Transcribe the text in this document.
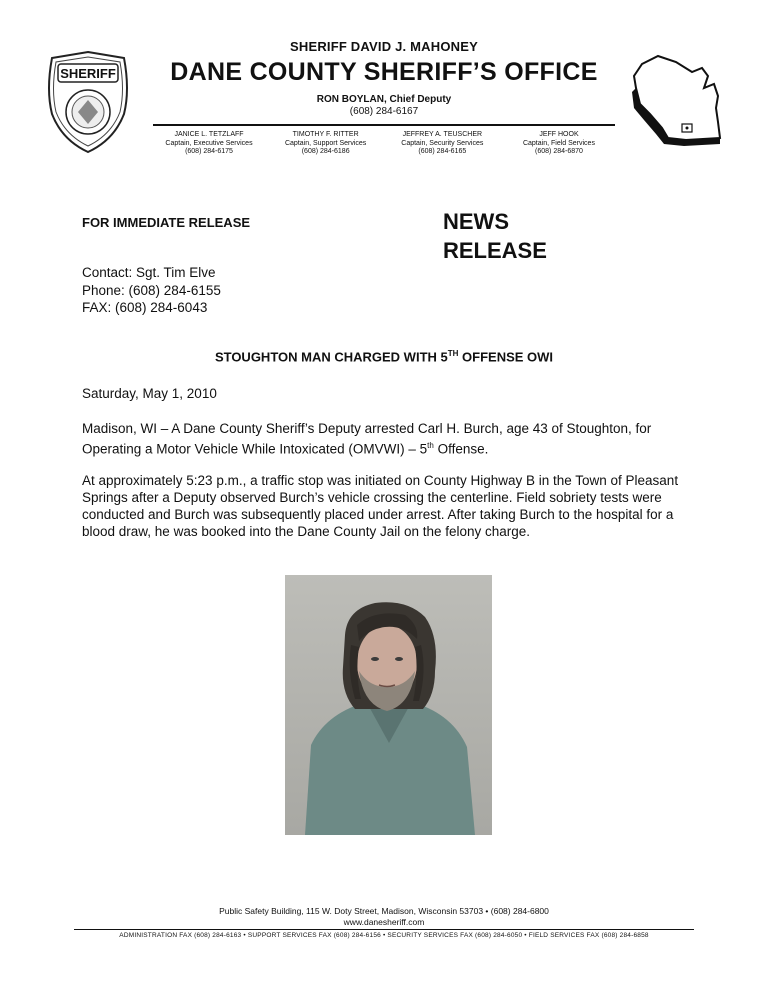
SHERIFF
SHERIFF DAVID J. MAHONEY
DANE COUNTY SHERIFF’S OFFICE
RON BOYLAN, Chief Deputy
(608) 284-6167
JANICE L. TETZLAFF
Captain, Executive Services
(608) 284-6175
TIMOTHY F. RITTER
Captain, Support Services
(608) 284-6186
JEFFREY A. TEUSCHER
Captain, Security Services
(608) 284-6165
JEFF HOOK
Captain, Field Services
(608) 284-6870
FOR IMMEDIATE RELEASE	NEWS
RELEASE
Contact: Sgt. Tim Elve
Phone: (608) 284-6155
FAX: (608) 284-6043
STOUGHTON MAN CHARGED WITH 5TH OFFENSE OWI
Saturday, May 1, 2010
Madison, WI – A Dane County Sheriff’s Deputy arrested Carl H. Burch, age 43 of Stoughton, for Operating a Motor Vehicle While Intoxicated (OMVWI) – 5th Offense.
At approximately 5:23 p.m., a traffic stop was initiated on County Highway B in the Town of Pleasant Springs after a Deputy observed Burch’s vehicle crossing the centerline. Field sobriety tests were conducted and Burch was subsequently placed under arrest. After taking Burch to the hospital for a blood draw, he was booked into the Dane County Jail on the felony charge.
Public Safety Building, 115 W. Doty Street, Madison, Wisconsin 53703 • (608) 284-6800
www.danesheriff.com
ADMINISTRATION FAX (608) 284-6163 • SUPPORT SERVICES FAX (608) 284-6156 • SECURITY SERVICES FAX (608) 284-6050 • FIELD SERVICES FAX (608) 284-6858
